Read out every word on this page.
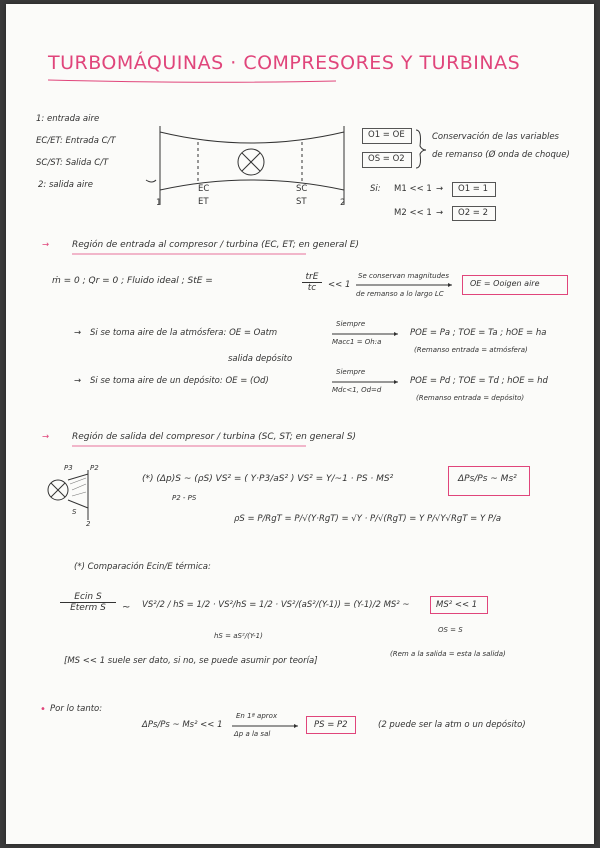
TURBOMÁQUINAS · COMPRESORES Y TURBINAS
1: entrada aire
EC/ET: Entrada C/T
SC/ST: Salida C/T
2: salida aire	EC
ET
SC
ST
1	2
O1 = OE
OS = O2
Conservación de las variables
de remanso (Ø onda de choque)
Si: M1 << 1 → O1 = 1
M2 << 1 → O2 = 2
→	Región de entrada al compresor / turbina (EC, ET; en general E)
ṁ = 0 ; Qr = 0 ; Fluido ideal ; StE =	trE
tc	<< 1
Se conservan magnitudes
de remanso a lo largo LC
OE = Ooigen aire
→ Si se toma aire de la atmósfera: OE = Oatm
Siempre
Macc1 = Oh:a
POE = Pa ; TOE = Ta ; hOE = ha
(Remanso entrada = atmósfera)
salida depósito
→ Si se toma aire de un depósito: OE = (Od)
Siempre
Mdc<1, Od=d
POE = Pd ; TOE = Td ; hOE = hd
(Remanso entrada = depósito)
→	Región de salida del compresor / turbina (SC, ST; en general S)
P3 P2
S
2
(*) (Δp)S ~ (ρS) VS² = ( Y·P3/aS² ) VS² = Y/~1 · PS · MS²
P2 - PS
ΔPs/Ps ~ Ms²
ρS = P/RgT = P/√(Y·RgT) = √Y · P/√(RgT) = Y P/√Y√RgT = Y P/a
(*) Comparación Ecin/E térmica:
Ecin S
Eterm S	~ VS²/2 / hS = 1/2 · VS²/hS = 1/2 · VS²/(aS²/(Y-1)) = (Y-1)/2 MS² ~
hS = aS²/(Y-1)
MS² << 1
OS = S
[MS << 1 suele ser dato, si no, se puede asumir por teoría]
(Rem a la salida = esta la salida)
• Por lo tanto:
ΔPs/Ps ~ Ms² << 1
En 1ª aprox
Δp a la sal
PS = P2	(2 puede ser la atm o un depósito)
